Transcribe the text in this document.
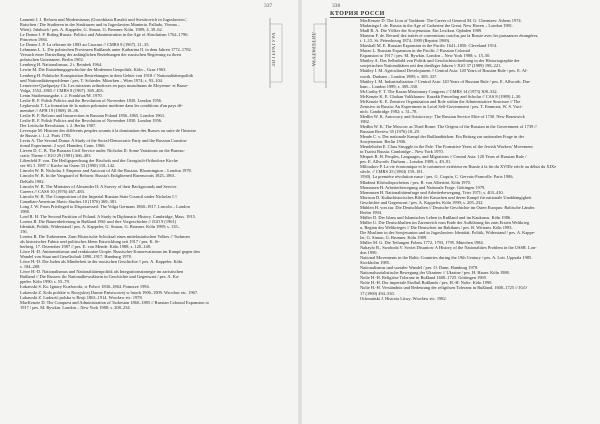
337
ЛИТЕРАТУРА

Lamenti J. J. Reform und Modernismus (Gorodskaia Russkii und Ssesitrovich in Jugoslawien.',

Ratschen / Die Studieren in der Strukturen und in Jugoslawien Munteria. Pallado, Vienna –

Wien). Jahrbuch / pes. A. Kappeler, G. Simon, G. Brunner. Köln. 1989; 4. 39–62.

Le Donne J. P. Ruling Russia. Politics and Administration in the Age of Absolutism 1762–1796.

Princeton 1984.

Le Donne J. P. La réforme de 1883 au Caucase // CMRS 8 (1967). 21–35.

Lehmann L. L. Die polnischen Provinzen Rußlands unter Katharina II. in dem Jahren 1772–1782.

Versuch einer Darstellung der anfänglichen Beziehungen der russischen Regierung zu ihren

polnischen Untertanen. Berlin 1902.

Lemberg H. Nationalismus. 2 t. Reinbek 1964.

Lewin M. Die Entstehungsgeschichte der Modernen Geopolitik. Köln – Graz 1963.

Lemberg H. Polnische Konspiration Bestrebungen in dem Gebiet von 1918 // Nationalitätenpolitik

und Nationalitätenprobleme / pes. T. Schieder. München – Wien 1974; s. 93–104.

Lemercier-Quelquejay Ch. Les missions orthodoxes en pays musulmans de Moyenne- et Basse-

Volga, 1552–1865 // CMRS 8 (1967). 369–403.

Lenin Studienausgabe. t. 2. Frankfurt/M. 1970.

Leslie R. F. Polish Politics and the Revolution of November 1830. London 1956.

Lepkowski T. La formation de la nation polonaise moderne dans les conditions d'un pays dé-

membré // APH 19 (1968) 18–36.

Leslie R. F. Reform and Insurrection in Russian Poland 1856–1865. London 1963.

Leslie R. F. Polish Politics and the Revolution of November 1830. London 1956.

Der Lettische Revolution. t. 2. Berlin 1907.

Levesque M. Histoire des différents peuples soumis à la domination des Russes ou suite de l'histoire

de Russie. t. 1–2. Paris 1783.

Levin A. The Second Duma: A Study of the Social-Democratic Party and the Russian Constitu-

tional Experiment. 2 wyd. Hamden, Conn. 1966.

Lieven D. C. B. The Russian Civil Service under Nicholas II: Some Variations on the Bureau-

cratic Theme // JGO 29 (1981) 366–403.

Lilienfeld F. von. Die Heiligsprechung der Bischofs und der Georgisch-Orthodoxe Kirche

see SG I. 1987 // Kirche im Osten 33 (1990) 118–142.

Lincoln W. B. Nicholas I: Emperor and Autocrat of All the Russias. Bloomington – London 1978.

Lincoln W. B. In the Vanguard of Reform: Russia's Enlightened Bureaucrats 1825–1861.

DeKalb 1982.

Lincoln W. B. The Ministers of Alexander II: A Survey of their Backgrounds and Service

Careers // CASS 10 (1976) 467–483.

Lincoln W. B. The Composition of the Imperial Russian State Council under Nicholas I //

Canadian-American Slavic Studies 10 (1976) 369–381.

Long J. W. From Privileged to Dispossessed: The Volga Germans 1860–1917. Lincoln – London

1988.

Lord R. H. The Second Partition of Poland. A Study in Diplomatic History. Cambridge, Mass. 1915.

Lorenz R. Die Bauernbefreiung in Rußland 1861 und ihre Vorgeschichte // JGO 9 (1961)

Identität, Politik, Widerstand / pes. A. Kappeler, G. Simon, G. Brunner. Köln 1989; s. 135–

156.

Lorenz R. Die Turkmenen. Zum Historische Schicksal eines mittelasiatischen Volkes // Turkmen

als historischer Faktor und politisches Ideen Entwicklung seit 1917 / pes. K. Si-

berberg. 17. Dezember 1987 // pes. E. von Mende. Köln 1988; s. 120–148.

Löwe H.-D. Antisemitismus und reaktionäre Utopie. Russischer Konservatismus im Kampf gegen den

Wandel von Staat und Gesellschaft 1890–1917. Hamburg 1978.

Löwe H.-D. Die Juden als Minderheit in der russischen Geschichte // pes. A. Kappeler. Köln

s. 184–208.

Löwe H.-D. Nationalismus und Nationalitätenpolitik als Integrationsstrategie im zaristischen

Rußland // Die Russen: ihr Nationalbewußtsein in Geschichte und Gegenwart / pes. A. Ka-

ppeler. Köln 1990; s. 55–79.

Łukawski S. Ks. Ignacy Kozłowski, w Polsce 1830–1864. Pomorze 1994.

Lukawski Z. Koło polskie w Rosyjskiej Dumie Państwowej w latach 1906–1909. Wrocław etc. 1967.

Lukawski Z. Ludność polska w Rosji 1863–1914. Wrocław etc. 1978.

MacKenzie D. The Conquest and Administration of Turkestan 1860–1885 // Russian Colonial Expansion to

1917 / pes. M. Rywkin. London – New York 1988; s. 208–234.

338
КТОРИЯ РОССИ
ЛИТЕРАТУРА

MacKenzie D. The Lion of Tashkent: The Career of General M. G. Cherniaev. Athens 1974.

Madariaga I. de. Russia in the Age of Catherine the Great. New Haven – London 1981.

Madl R. A. Die Völker der Sowjetunion. Ein Lexikon. Opladen 1989.

Martens F. de. Recueil des traités et conventions conclus par la Russie avec les puissances étrangères,

t. 1–15. St. Pétersbourg 1874–1909 (Reprint 1969).

Marshall M. E. Russian Expansion in the Pacific 1641–1850. Cleveland 1914.

Marzo L. Russian Expansion in the Pacific // Russian Colonial

Expansion to 1917 / pes. M. Rywkin. London – New York 1988; s. 15–50.

Mattley A. Das Selbstbild von Politik und Geschichtsschreibung in der Historiographie der

sowjetischen Nationalitäten seit den dreißiger Jahren // JGO 37 (1989) 198–221.

Mattley I. M. Agricultural Development // Central Asia: 120 Years of Russian Rule / pes. E. Al-

worth. Durham – London 1989; s. 309–337.

Mattley I. M. Industrialization // Central Asia: 120 Years of Russian Rule / pes. E. Allworth. Dur-

ham – London 1989; s. 309–330.

McCarthy F. T. The Kazan Missionary Congress // CMRS 14 (1973) 308–332.

McKenzie K. E. Chokan Valikhanov: Kazakh Princeling and Scholar // CAS 8 (1989) 1–30.

McKenzie K. E. Zemstvo Organization and Role within the Administrative Structure // The

Zemstvo in Russia: An Experiment in Local Self-Government / pes. T. Emmons, W. S. Vuci-

nich. Cambridge 1982; s. 31–78.

Medlin W. K. Autocracy and Aristocracy: The Russian Service Elite of 1730. New Brunswick

1982.

Medlin W. K. The Moscow as Third Rome: The Origins of the Russian in the Government of 1739 //

Russian Review 35 (1976) 18–29.

Meade C. v. Der nationale Kampf der Rußlandtürken: Ein Beitrag zur nationalen Frage in der

Sowjetunion. Berlin 1936.

Mendelsohn E. Class Struggle in the Pale: The Formative Years of the Jewish Workers' Movement

in Tsarist Russia. Cambridge – New York 1970.

Mequet R. H. Peoples, Languages, and Migrations // Central Asia: 120 Years of Russian Rule /

pes. E. Allworth. Durham – London 1989; s. 49–91.

Milioukov P. La vie économique et le commerce extérieur en Russie à la fin du XVIIIe siècle au début du XIXe

siècle. // CMRS 25 (1984) 159–181.

1930). La première révolution russe / pes. G. Coquin, C. Gervais-Francelle. Paris 1986.

Mladená Kőrösdispocheiras / pes. R. von Albertini. Köln 1970.

Mommsen H. Arbeiterbewegung und Nationale Frage. Göttingen 1979.

Mommsen H. Nationalitätenfrage und Arbeiterbewegung. Trier 1971; s. 403–410.

Morison D. Kulturhistorisches Bild der Kasachen und deren Kampf für nationale Unabhängigkeit

Geschichte und Gegenwart / pes. A. Kappeler. Köln 1990; s. 205–232.

Mühlen H. von zur. Die Deutschbalten // Deutsche Geschichte im Osten Europas: Baltische Länder.

Berlin 1994.

Müller D. Der Islam und Islamisches Leben in Rußland und im Kaukasus. Köln 1986.

Müller U. Die Deutschbalten im Zarenreich vom Ende der Aufklärung bis zum Ersten Weltkrieg

u. Beginn des Weltkrieges // Die Deutschen im Baltikum / pes. R. Wittram. Köln 1983.

Die Muslime in der Sowjetunion und in Jugoslawien: Identität, Politik, Widerstand / pes. A. Kappe-

ler, G. Simon, G. Brunner. Köln 1989.

Müller M. G. Die Teilungen Polens 1772, 1793, 1795. München 1984.

Nahaylo B., Swoboda V. Soviet Disunion: A History of the Nationalities Problem in the USSR. Lon-

don 1990.

National Movements in the Baltic Countries during the 19th Century / pes. A. Loit. Uppsala 1985.

Stockholm 1985.

Nationalismus und sozialer Wandel / pes. O. Dann. Hamburg 1978.

Nationalsozialistische Bewegung der Ukrainer // Ukraine / pes. H. Hauer. Köln 1988.

Nolte H.-H. Religiöse Toleranz in Rußland 1600–1725. Göttingen 1969.

Nolte H.-H. Der imperiale Einfluß Rußlands / pes. H.-H. Nolte. Köln 1990.

Nolte H.-H. Verständnis und Bedeutung der religiösen Toleranz in Rußland, 1600–1725 // JGO

17 (1969) 494–530.

Ochmański J. Historia Litwy. Wrocław etc. 1982.
